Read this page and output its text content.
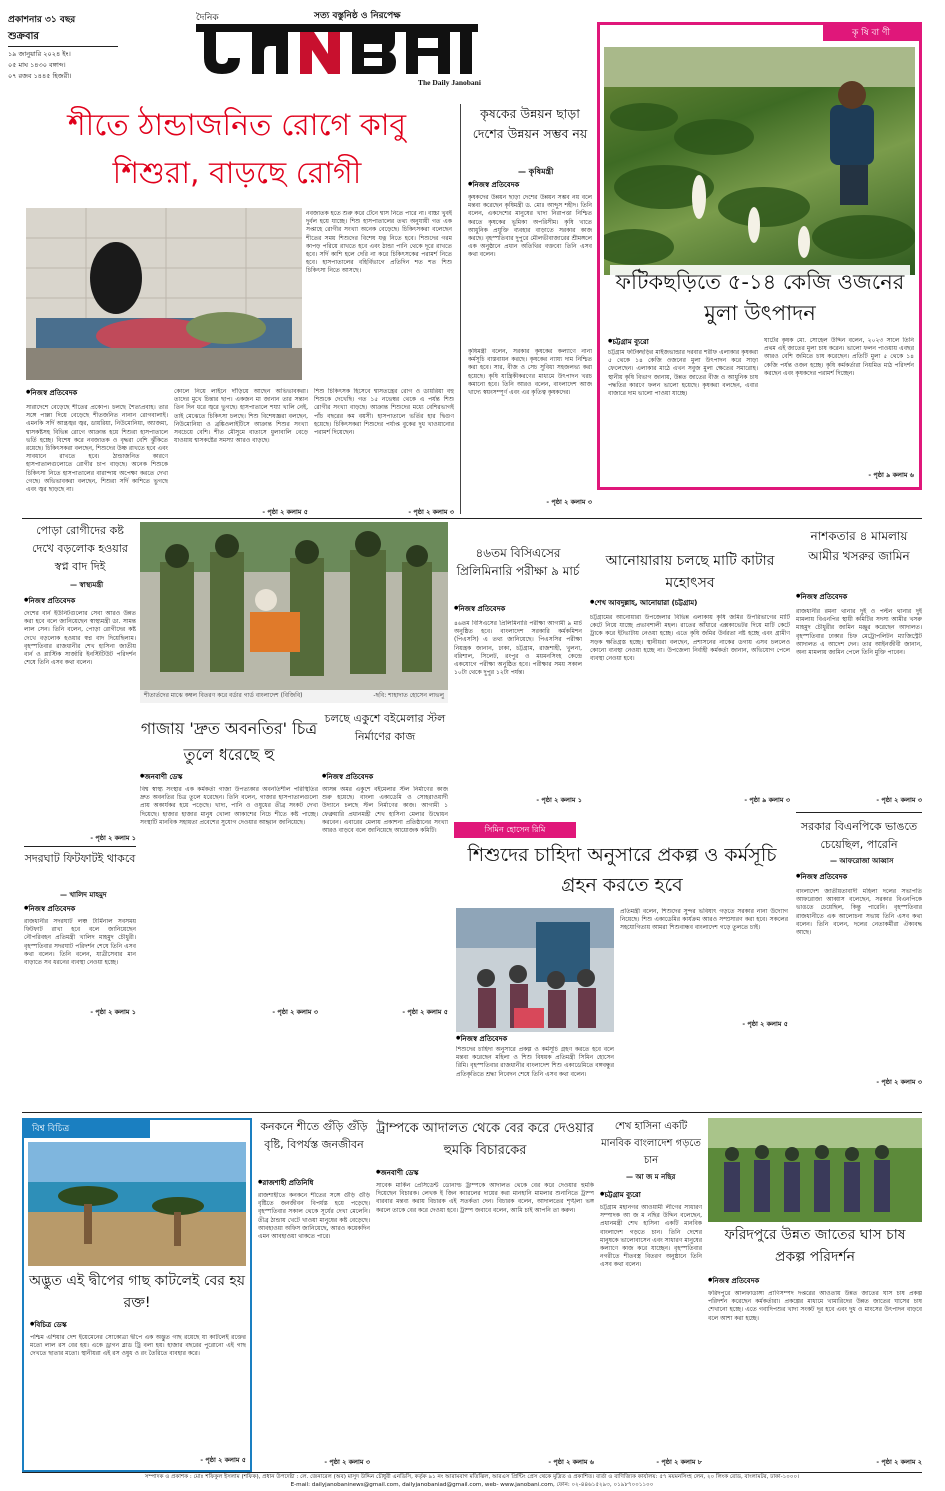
প্রকাশনার ৩১ বছর
শুক্রবার
১৯ জানুয়ারি ২০২৪ ইং।
০৫ মাঘ ১৪৩০ বঙ্গাব্দ।
০৭ রজব ১৪৪৫ হিজরী।
দৈনিক	সত্য বস্তুনিষ্ঠ ও নিরপেক্ষ
The Daily Janobani
কৃ ষি বা ণী
ফটিকছড়িতে ৫-১৪ কেজি ওজনের মুলা উৎপাদন
● চট্টগ্রাম ব্যুরো
চট্টগ্রাম ফটিকছড়ির মাইজভান্ডার দরবার শরীফ এলাকার কৃষকরা ৫ থেকে ১৪ কেজি ওজনের মুলা উৎপাদন করে সাড়া ফেলেছেন। এলাকার মাঠে এখন সবুজ মুলা ক্ষেতের সমারোহ। স্থানীয় কৃষি বিভাগ জানায়, উন্নত জাতের বীজ ও আধুনিক চাষ পদ্ধতির কারণে ফলন ভালো হয়েছে। কৃষকরা বলছেন, এবার বাজারে দাম ভালো পাওয়া যাচ্ছে।
ঘাটের কৃষক মো. সোহেল উদ্দিন বলেন, ২০২৩ সালে তিনি প্রথম এই জাতের মুলা চাষ করেন। ভালো ফলন পাওয়ায় এবছর আরও বেশি জমিতে চাষ করেছেন। প্রতিটি মুলা ৫ থেকে ১৪ কেজি পর্যন্ত ওজন হচ্ছে। কৃষি কর্মকর্তারা নিয়মিত মাঠ পরিদর্শন করছেন এবং কৃষকদের পরামর্শ দিচ্ছেন।
- পৃষ্ঠা ৯ কলাম ৬
শীতে ঠান্ডাজনিত রোগে কাবু শিশুরা, বাড়ছে রোগী
নবজাতক হতে শুরু করে টেনে শ্বাস নিতে পারে না। বাচ্চা খুবই দুর্বল হয়ে যাচ্ছে। শিশু হাসপাতালের তথ্য অনুযায়ী গত এক সপ্তাহে রোগীর সংখ্যা অনেক বেড়েছে। চিকিৎসকরা বলেছেন শীতের সময় শিশুদের বিশেষ যত্ন নিতে হবে। শিশুদের গরম কাপড় পরিয়ে রাখতে হবে এবং ঠান্ডা পানি থেকে দূরে রাখতে হবে। সর্দি কাশি হলে দেরি না করে চিকিৎসকের পরামর্শ নিতে হবে। হাসপাতালের বহির্বিভাগে প্রতিদিন শত শত শিশু চিকিৎসা নিতে আসছে।
● নিজস্ব প্রতিবেদক
সারাদেশে বেড়েছে শীতের প্রকোপ। চলছে শৈত্যপ্রবাহ। তার সঙ্গে পাল্লা দিয়ে বেড়েছে শীতজনিত নানান রোগবালাই। এমনকি সর্দি আন্ত্রজ্বর জ্বর, ডায়রিয়া, নিউমোনিয়া, অ্যাজমা, শ্বাসকষ্টসহ বিভিন্ন রোগে আক্রান্ত হয়ে শিশুরা হাসপাতালে ভর্তি হচ্ছে। বিশেষ করে নবজাতক ও বৃদ্ধরা বেশি ঝুঁকিতে রয়েছে। চিকিৎসকরা বলছেন, শিশুদের উষ্ণ রাখতে হবে এবং সাবধানে রাখতে হবে। ঠান্ডাজনিত কারণে হাসপাতালগুলোতে রোগীর চাপ বাড়ছে। অনেক শিশুকে চিকিৎসা নিতে হাসপাতালের বারান্দায় অপেক্ষা করতে দেখা গেছে। অভিভাবকরা বলছেন, শিশুরা সর্দি কাশিতে ভুগছে এবং জ্বর ছাড়ছে না।
কোলে নিয়ে লাইনে দাঁড়িয়ে আছেন অভিভাবকরা। তাদের মুখে চিন্তার ছাপ। একজন মা জানান তার সন্তান তিন দিন ধরে জ্বরে ভুগছে। হাসপাতালে শয্যা খালি নেই, তাই মেঝেতে চিকিৎসা চলছে। শিশু বিশেষজ্ঞরা বলছেন, নিউমোনিয়া ও ব্রঙ্কিওলাইটিসে আক্রান্ত শিশুর সংখ্যা সবচেয়ে বেশি। শীত মৌসুমে বাতাসে ধুলাবালি বেড়ে যাওয়ায় শ্বাসকষ্টের সমস্যা আরও বাড়ছে।
- পৃষ্ঠা ২ কলাম ৫
শিশু চিকিৎসক হিসেবে শ্বাসতন্ত্রের রোগ ও ডায়রিয়া বহু শিশুকে দেখেছি। গত ১৫ নভেম্বর থেকে এ পর্যন্ত শিশু রোগীর সংখ্যা বাড়ছে। আক্রান্ত শিশুদের মধ্যে বেশিরভাগই পাঁচ বছরের কম বয়সী। হাসপাতালে ভর্তির হার দ্বিগুণ হয়েছে। চিকিৎসকরা শিশুদের পর্যাপ্ত বুকের দুধ খাওয়ানোর পরামর্শ দিয়েছেন।
- পৃষ্ঠা ২ কলাম ৩
কৃষকের উন্নয়ন ছাড়া দেশের উন্নয়ন সম্ভব নয়
— কৃষিমন্ত্রী
● নিজস্ব প্রতিবেদক
কৃষকদের উন্নয়ন ছাড়া দেশের উন্নয়ন সম্ভব নয় বলে মন্তব্য করেছেন কৃষিমন্ত্রী ড. মোঃ আব্দুস শহীদ। তিনি বলেন, একদেশের মানুষের খাদ্য নিরাপত্তা নিশ্চিত করতে কৃষকের ভূমিকা অপরিসীম। কৃষি খাতে আধুনিক প্রযুক্তি ব্যবহার বাড়াতে সরকার কাজ করছে। বৃহস্পতিবার দুপুরে মৌলভীবাজারের শ্রীমঙ্গলে এক অনুষ্ঠানে প্রধান অতিথির বক্তব্যে তিনি এসব কথা বলেন।
কৃষিমন্ত্রী বলেন, সরকার কৃষকের কল্যাণে নানা কর্মসূচি বাস্তবায়ন করছে। কৃষকের ন্যায্য দাম নিশ্চিত করা হবে। সার, বীজ ও সেচ সুবিধা সহজলভ্য করা হয়েছে। কৃষি যান্ত্রিকীকরণের মাধ্যমে উৎপাদন খরচ কমানো হবে। তিনি আরও বলেন, বাংলাদেশ আজ খাদ্যে স্বয়ংসম্পূর্ণ এবং এর কৃতিত্ব কৃষকদের।
- পৃষ্ঠা ২ কলাম ৩
পোড়া রোগীদের কষ্ট দেখে বড়লোক হওয়ার স্বপ্ন বাদ দিই
— স্বাস্থ্যমন্ত্রী
● নিজস্ব প্রতিবেদক
দেশের বার্ন ইউনিটগুলোর সেবা আরও উন্নত করা হবে বলে জানিয়েছেন স্বাস্থ্যমন্ত্রী ডা. সামন্ত লাল সেন। তিনি বলেন, পোড়া রোগীদের কষ্ট দেখে বড়লোক হওয়ার স্বপ্ন বাদ দিয়েছিলাম। বৃহস্পতিবার রাজধানীর শেখ হাসিনা জাতীয় বার্ন ও প্লাস্টিক সার্জারি ইনস্টিটিউট পরিদর্শন শেষে তিনি এসব কথা বলেন।
- পৃষ্ঠা ২ কলাম ১
শীতার্তদের মাঝে কম্বল বিতরণ করে বর্ডার গার্ড বাংলাদেশ (বিজিবি)	-ছবি: শাহাদাত হোসেন লাভলু
৪৬তম বিসিএসের প্রিলিমিনারি পরীক্ষা ৯ মার্চ
● নিজস্ব প্রতিবেদক
৪৬তম বিসিএসের প্রিলিমিনারি পরীক্ষা আগামী ৯ মার্চ অনুষ্ঠিত হবে। বাংলাদেশ সরকারি কর্মকমিশন (পিএসসি) এ তথ্য জানিয়েছে। পিএসসির পরীক্ষা নিয়ন্ত্রক জানান, ঢাকা, চট্টগ্রাম, রাজশাহী, খুলনা, বরিশাল, সিলেট, রংপুর ও ময়মনসিংহ কেন্দ্রে একযোগে পরীক্ষা অনুষ্ঠিত হবে। পরীক্ষার সময় সকাল ১০টা থেকে দুপুর ১২টা পর্যন্ত।
- পৃষ্ঠা ২ কলাম ১
আনোয়ারায় চলছে মাটি কাটার মহোৎসব
● শেখ আবদুল্লাহ, আনোয়ারা (চট্টগ্রাম)
চট্টগ্রামের আনোয়ারা উপজেলার বিভিন্ন এলাকায় কৃষি জমির উপরিভাগের মাটি কেটে নিয়ে যাচ্ছে প্রভাবশালী মহল। রাতের আঁধারে এক্সকাভেটর দিয়ে মাটি কেটে ট্রাকে করে ইটভাটায় নেওয়া হচ্ছে। এতে কৃষি জমির উর্বরতা নষ্ট হচ্ছে এবং গ্রামীণ সড়ক ক্ষতিগ্রস্ত হচ্ছে। স্থানীয়রা বলছেন, প্রশাসনের নাকের ডগায় এসব চললেও কোনো ব্যবস্থা নেওয়া হচ্ছে না। উপজেলা নির্বাহী কর্মকর্তা জানান, অভিযোগ পেলে ব্যবস্থা নেওয়া হবে।
- পৃষ্ঠা ৯ কলাম ৩
নাশকতার ৪ মামলায় আমীর খসরুর জামিন
● নিজস্ব প্রতিবেদক
রাজধানীর রমনা থানার দুই ও পল্টন থানার দুই মামলায় বিএনপির স্থায়ী কমিটির সদস্য আমীর খসরু মাহমুদ চৌধুরীর জামিন মঞ্জুর করেছেন আদালত। বৃহস্পতিবার ঢাকার চিফ মেট্রোপলিটন ম্যাজিস্ট্রেট আদালত এ আদেশ দেন। তার আইনজীবী জানান, অন্য মামলায় জামিন পেলে তিনি মুক্তি পাবেন।
- পৃষ্ঠা ২ কলাম ৩
গাজায় 'দ্রুত অবনতির' চিত্র তুলে ধরেছে হু
● জনবাণী ডেস্ক
বিশ্ব স্বাস্থ্য সংস্থার এক কর্মকর্তা গাজা উপত্যকার অবনতিশীল পরিস্থিতির দ্রুত অবনতির চিত্র তুলে ধরেছেন। তিনি বলেন, গাজার হাসপাতালগুলো প্রায় অকার্যকর হয়ে পড়েছে। খাদ্য, পানি ও ওষুধের তীব্র সংকট দেখা দিয়েছে। হাজার হাজার মানুষ খোলা আকাশের নিচে শীতে কষ্ট পাচ্ছে। সংস্থাটি মানবিক সহায়তা প্রবেশের সুযোগ দেওয়ার আহ্বান জানিয়েছে।
- পৃষ্ঠা ২ কলাম ৩
চলছে একুশে বইমেলার স্টল নির্মাণের কাজ
● নিজস্ব প্রতিবেদক
আসন্ন অমর একুশে বইমেলার স্টল নির্মাণের কাজ শুরু হয়েছে। বাংলা একাডেমি ও সোহরাওয়ার্দী উদ্যানে চলছে স্টল নির্মাণের কাজ। আগামী ১ ফেব্রুয়ারি প্রধানমন্ত্রী শেখ হাসিনা মেলার উদ্বোধন করবেন। এবারের মেলায় প্রকাশনা প্রতিষ্ঠানের সংখ্যা আরও বাড়বে বলে জানিয়েছে আয়োজক কমিটি।
- পৃষ্ঠা ২ কলাম ৫
সদরঘাট ফিটফাটই থাকবে
— খালিদ মাহমুদ
● নিজস্ব প্রতিবেদক
রাজধানীর সদরঘাট লঞ্চ টার্মিনাল সবসময় ফিটফাট রাখা হবে বলে জানিয়েছেন নৌপরিবহন প্রতিমন্ত্রী খালিদ মাহমুদ চৌধুরী। বৃহস্পতিবার সদরঘাট পরিদর্শন শেষে তিনি এসব কথা বলেন। তিনি বলেন, যাত্রীসেবার মান বাড়াতে সব ধরনের ব্যবস্থা নেওয়া হচ্ছে।
- পৃষ্ঠা ২ কলাম ১
সিমিন হোসেন রিমি
শিশুদের চাহিদা অনুসারে প্রকল্প ও কর্মসূচি গ্রহন করতে হবে
প্রতিমন্ত্রী বলেন, শিশুদের সুন্দর ভবিষ্যৎ গড়তে সরকার নানা উদ্যোগ নিয়েছে। শিশু একাডেমির কার্যক্রম আরও সম্প্রসারণ করা হবে। সকলের সহযোগিতায় আমরা শিশুবান্ধব বাংলাদেশ গড়ে তুলতে চাই।
● নিজস্ব প্রতিবেদক
শিশুদের চাহিদা অনুসারে প্রকল্প ও কর্মসূচি গ্রহণ করতে হবে বলে মন্তব্য করেছেন মহিলা ও শিশু বিষয়ক প্রতিমন্ত্রী সিমিন হোসেন রিমি। বৃহস্পতিবার রাজধানীর বাংলাদেশ শিশু একাডেমিতে বঙ্গবন্ধুর প্রতিকৃতিতে শ্রদ্ধা নিবেদন শেষে তিনি এসব কথা বলেন।
- পৃষ্ঠা ২ কলাম ৫
সরকার বিএনপিকে ভাঙতে চেয়েছিল, পারেনি
— আফরোজা আব্বাস
● নিজস্ব প্রতিবেদক
বাংলাদেশ জাতীয়তাবাদী মহিলা দলের সভাপতি আফরোজা আব্বাস বলেছেন, সরকার বিএনপিকে ভাঙতে চেয়েছিল, কিন্তু পারেনি। বৃহস্পতিবার রাজধানীতে এক আলোচনা সভায় তিনি এসব কথা বলেন। তিনি বলেন, দলের নেতাকর্মীরা ঐক্যবদ্ধ আছে।
- পৃষ্ঠা ২ কলাম ৩
বিশ্ব বিচিত্র
অদ্ভুত এই দ্বীপের গাছ কাটলেই বের হয় রক্ত!
● বিচিত্র ডেস্ক
পশ্চিম এশিয়ার দেশ ইয়েমেনের সোকোত্রা দ্বীপে এক অদ্ভুত গাছ রয়েছে যা কাটলেই রক্তের মতো লাল রস বের হয়। একে ড্রাগন ব্লাড ট্রি বলা হয়। হাজার বছরের পুরোনো এই গাছ দেখতে ছাতার মতো। স্থানীয়রা এই রস ওষুধ ও রং তৈরিতে ব্যবহার করে।
- পৃষ্ঠা ২ কলাম ৫
কনকনে শীতে গুঁড়ি গুঁড়ি বৃষ্টি, বিপর্যস্ত জনজীবন
● রাজশাহী প্রতিনিধি
রাজশাহীতে কনকনে শীতের সঙ্গে গুঁড়ি গুঁড়ি বৃষ্টিতে জনজীবন বিপর্যস্ত হয়ে পড়েছে। বৃহস্পতিবার সকাল থেকে সূর্যের দেখা মেলেনি। তীব্র ঠান্ডায় খেটে খাওয়া মানুষের কষ্ট বেড়েছে। আবহাওয়া অফিস জানিয়েছে, আরও কয়েকদিন এমন আবহাওয়া থাকতে পারে।
- পৃষ্ঠা ২ কলাম ৩
ট্রাম্পকে আদালত থেকে বের করে দেওয়ার হুমকি বিচারকের
● জনবাণী ডেস্ক
সাবেক মার্কিন প্রেসিডেন্ট ডোনাল্ড ট্রাম্পকে আদালত থেকে বের করে দেওয়ার হুমকি দিয়েছেন বিচারক। লেখক ই জিন ক্যারলের দায়ের করা মানহানি মামলার শুনানিতে ট্রাম্প বারবার মন্তব্য করায় বিচারক এই সতর্কতা দেন। বিচারক বলেন, আদালতের শৃঙ্খলা ভঙ্গ করলে তাকে বের করে দেওয়া হবে। ট্রাম্প জবাবে বলেন, আমি চাই আপনি তা করুন।
- পৃষ্ঠা ২ কলাম ৬
শেখ হাসিনা একটি মানবিক বাংলাদেশ গড়তে চান
— আ জ ম নছির
● চট্টগ্রাম ব্যুরো
চট্টগ্রাম মহানগর আওয়ামী লীগের সাধারণ সম্পাদক আ জ ম নছির উদ্দিন বলেছেন, প্রধানমন্ত্রী শেখ হাসিনা একটি মানবিক বাংলাদেশ গড়তে চান। তিনি দেশের মানুষকে ভালোবাসেন এবং সাধারণ মানুষের কল্যাণে কাজ করে যাচ্ছেন। বৃহস্পতিবার নগরীতে শীতবস্ত্র বিতরণ অনুষ্ঠানে তিনি এসব কথা বলেন।
- পৃষ্ঠা ২ কলাম ৮
ফরিদপুরে উন্নত জাতের ঘাস চাষ প্রকল্প পরিদর্শন
● নিজস্ব প্রতিবেদক
ফরিদপুরে আলফাডাঙ্গা প্রাণিসম্পদ দপ্তরের আওতায় উন্নত জাতের ঘাস চাষ প্রকল্প পরিদর্শন করেছেন কর্মকর্তারা। প্রকল্পের মাধ্যমে খামারিদের উন্নত জাতের ঘাসের চাষ শেখানো হচ্ছে। এতে গবাদিপশুর খাদ্য সংকট দূর হবে এবং দুধ ও মাংসের উৎপাদন বাড়বে বলে আশা করা হচ্ছে।
- পৃষ্ঠা ২ কলাম ২
সম্পাদক ও প্রকাশক : মোঃ শফিকুল ইসলাম (শফিক), প্রধান উপদেষ্টা : লে. জেনারেল (অব) মাসুদ উদ্দিন চৌধুরী এনডিসি, কর্তৃক ৯১ নং আরামবাগ মতিঝিল, আরএস প্রিন্টিং প্রেস থেকে মুদ্রিত ও প্রকাশিত। বার্তা ও বাণিজ্যিক কার্যালয়: ৫৭ ময়মনসিংহ লেন, ২০ লিংক রোড, বাংলামটর, ঢাকা-১০০০।
E-mail: dailyjanobaninews@gmail.com, dailyjanobaniad@gmail.com, web- www.janobani.com, ফোন: ০২-৪৪৬১৫২৯৩, ০১৯৮৭০০১১০০
